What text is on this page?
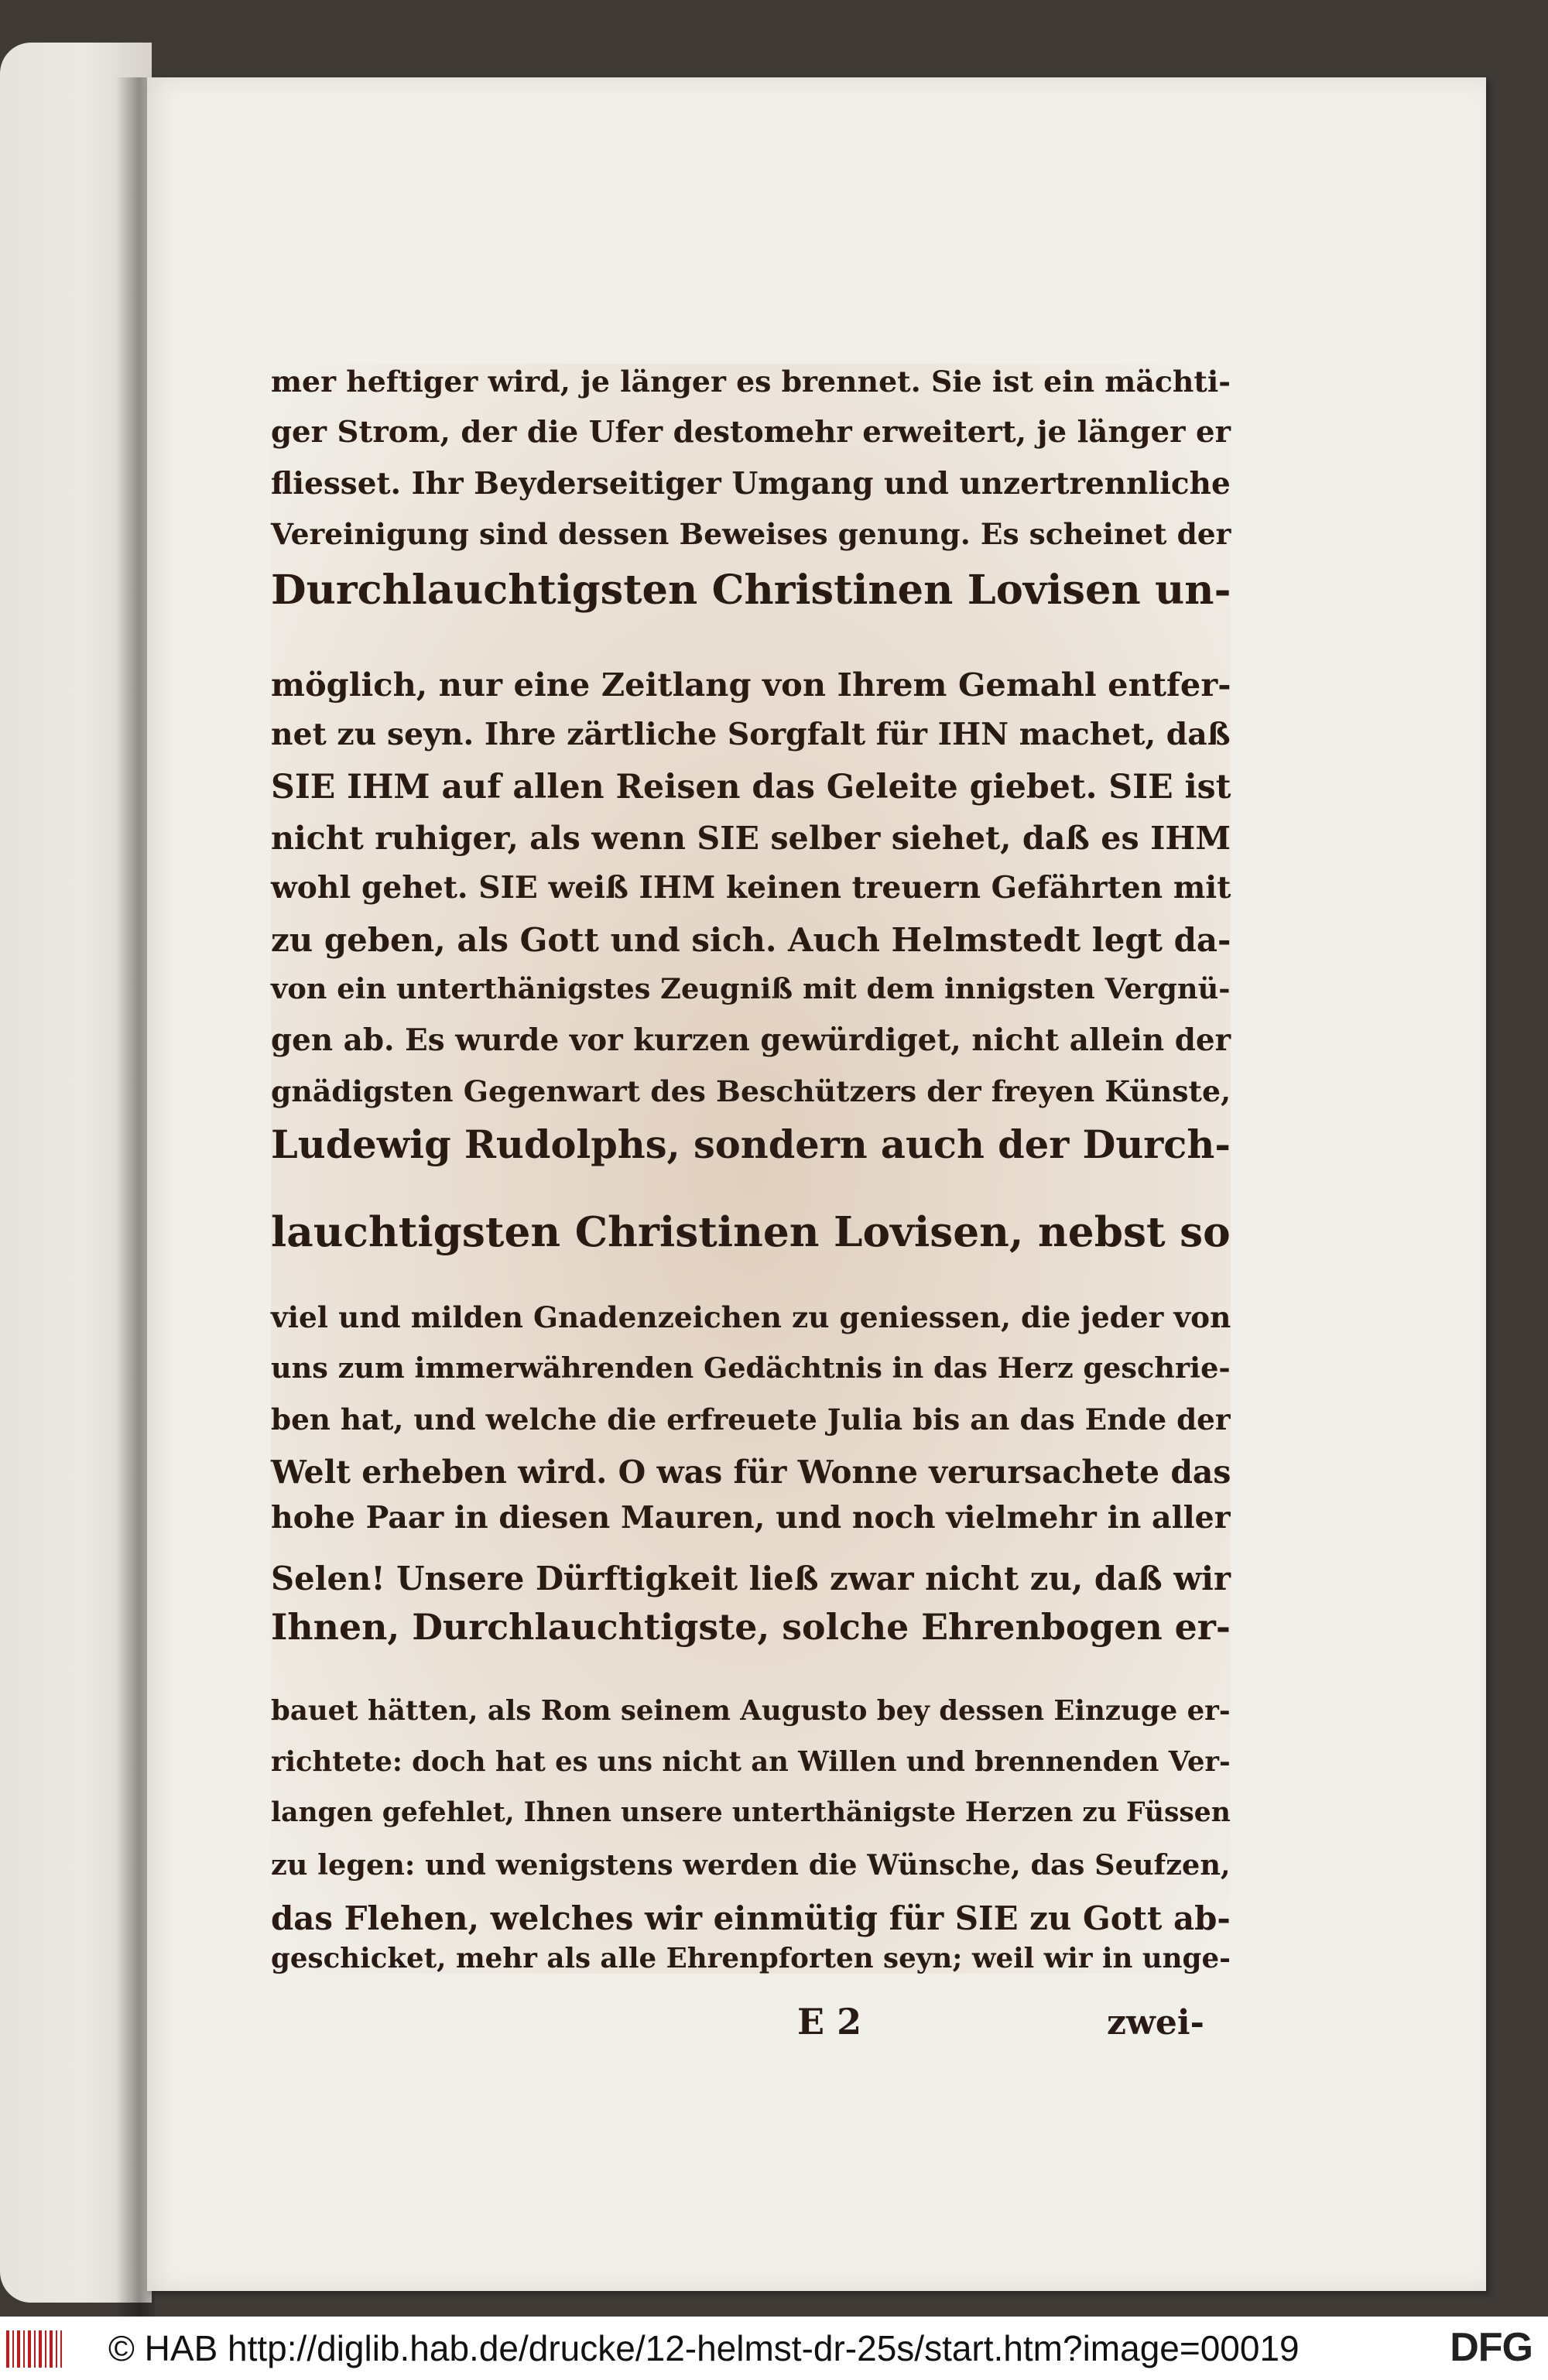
mer heftiger wird, je länger es brennet. Sie ist ein mächti-
ger Strom, der die Ufer destomehr erweitert, je länger er
fliesset. Ihr Beyderseitiger Umgang und unzertrennliche
Vereinigung sind dessen Beweises genung. Es scheinet der
Durchlauchtigsten Christinen Lovisen un-
möglich, nur eine Zeitlang von Ihrem Gemahl entfer-
net zu seyn. Ihre zärtliche Sorgfalt für IHN machet, daß
SIE IHM auf allen Reisen das Geleite giebet. SIE ist
nicht ruhiger, als wenn SIE selber siehet, daß es IHM
wohl gehet. SIE weiß IHM keinen treuern Gefährten mit
zu geben, als Gott und sich. Auch Helmstedt legt da-
von ein unterthänigstes Zeugniß mit dem innigsten Vergnü-
gen ab. Es wurde vor kurzen gewürdiget, nicht allein der
gnädigsten Gegenwart des Beschützers der freyen Künste,
Ludewig Rudolphs, sondern auch der Durch-
lauchtigsten Christinen Lovisen, nebst so
viel und milden Gnadenzeichen zu geniessen, die jeder von
uns zum immerwährenden Gedächtnis in das Herz geschrie-
ben hat, und welche die erfreuete Julia bis an das Ende der
Welt erheben wird. O was für Wonne verursachete das
hohe Paar in diesen Mauren, und noch vielmehr in aller
Selen! Unsere Dürftigkeit ließ zwar nicht zu, daß wir
Ihnen, Durchlauchtigste, solche Ehrenbogen er-
bauet hätten, als Rom seinem Augusto bey dessen Einzuge er-
richtete: doch hat es uns nicht an Willen und brennenden Ver-
langen gefehlet, Ihnen unsere unterthänigste Herzen zu Füssen
zu legen: und wenigstens werden die Wünsche, das Seufzen,
das Flehen, welches wir einmütig für SIE zu Gott ab-
geschicket, mehr als alle Ehrenpforten seyn; weil wir in unge-
E 2	zwei-
© HAB http://diglib.hab.de/drucke/12-helmst-dr-25s/start.htm?image=00019	DFG
